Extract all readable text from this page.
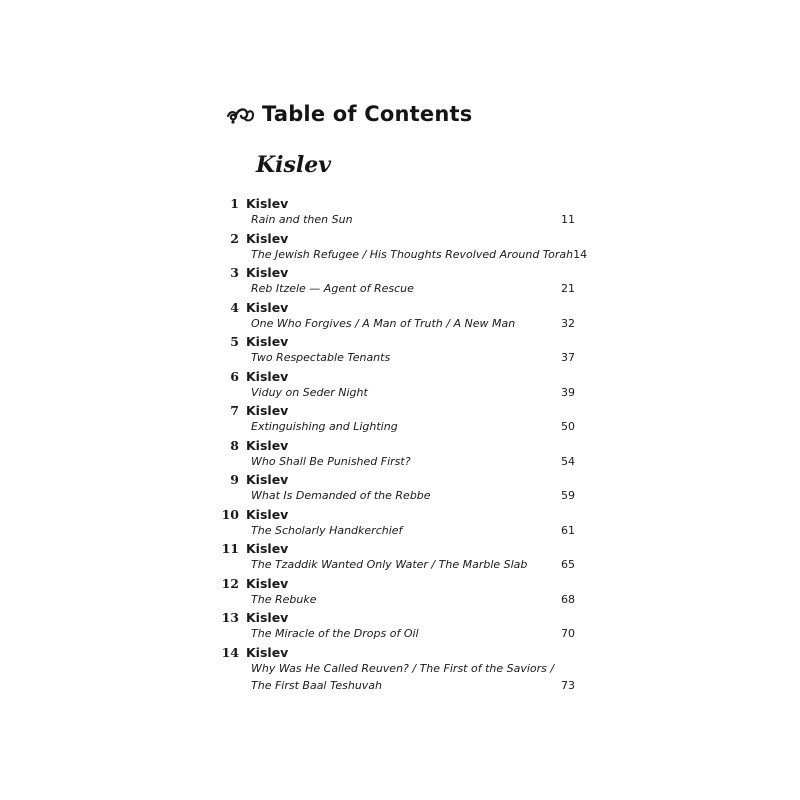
Table of Contents
Kislev
1 Kislev
Rain and then Sun	11
2 Kislev
The Jewish Refugee / His Thoughts Revolved Around Torah 14
3 Kislev
Reb Itzele — Agent of Rescue	21
4 Kislev
One Who Forgives / A Man of Truth / A New Man	32
5 Kislev
Two Respectable Tenants	37
6 Kislev
Viduy on Seder Night	39
7 Kislev
Extinguishing and Lighting	50
8 Kislev
Who Shall Be Punished First?	54
9 Kislev
What Is Demanded of the Rebbe	59
10 Kislev
The Scholarly Handkerchief	61
11 Kislev
The Tzaddik Wanted Only Water / The Marble Slab	65
12 Kislev
The Rebuke	68
13 Kislev
The Miracle of the Drops of Oil	70
14 Kislev
Why Was He Called Reuven? / The First of the Saviors /
The First Baal Teshuvah	73
